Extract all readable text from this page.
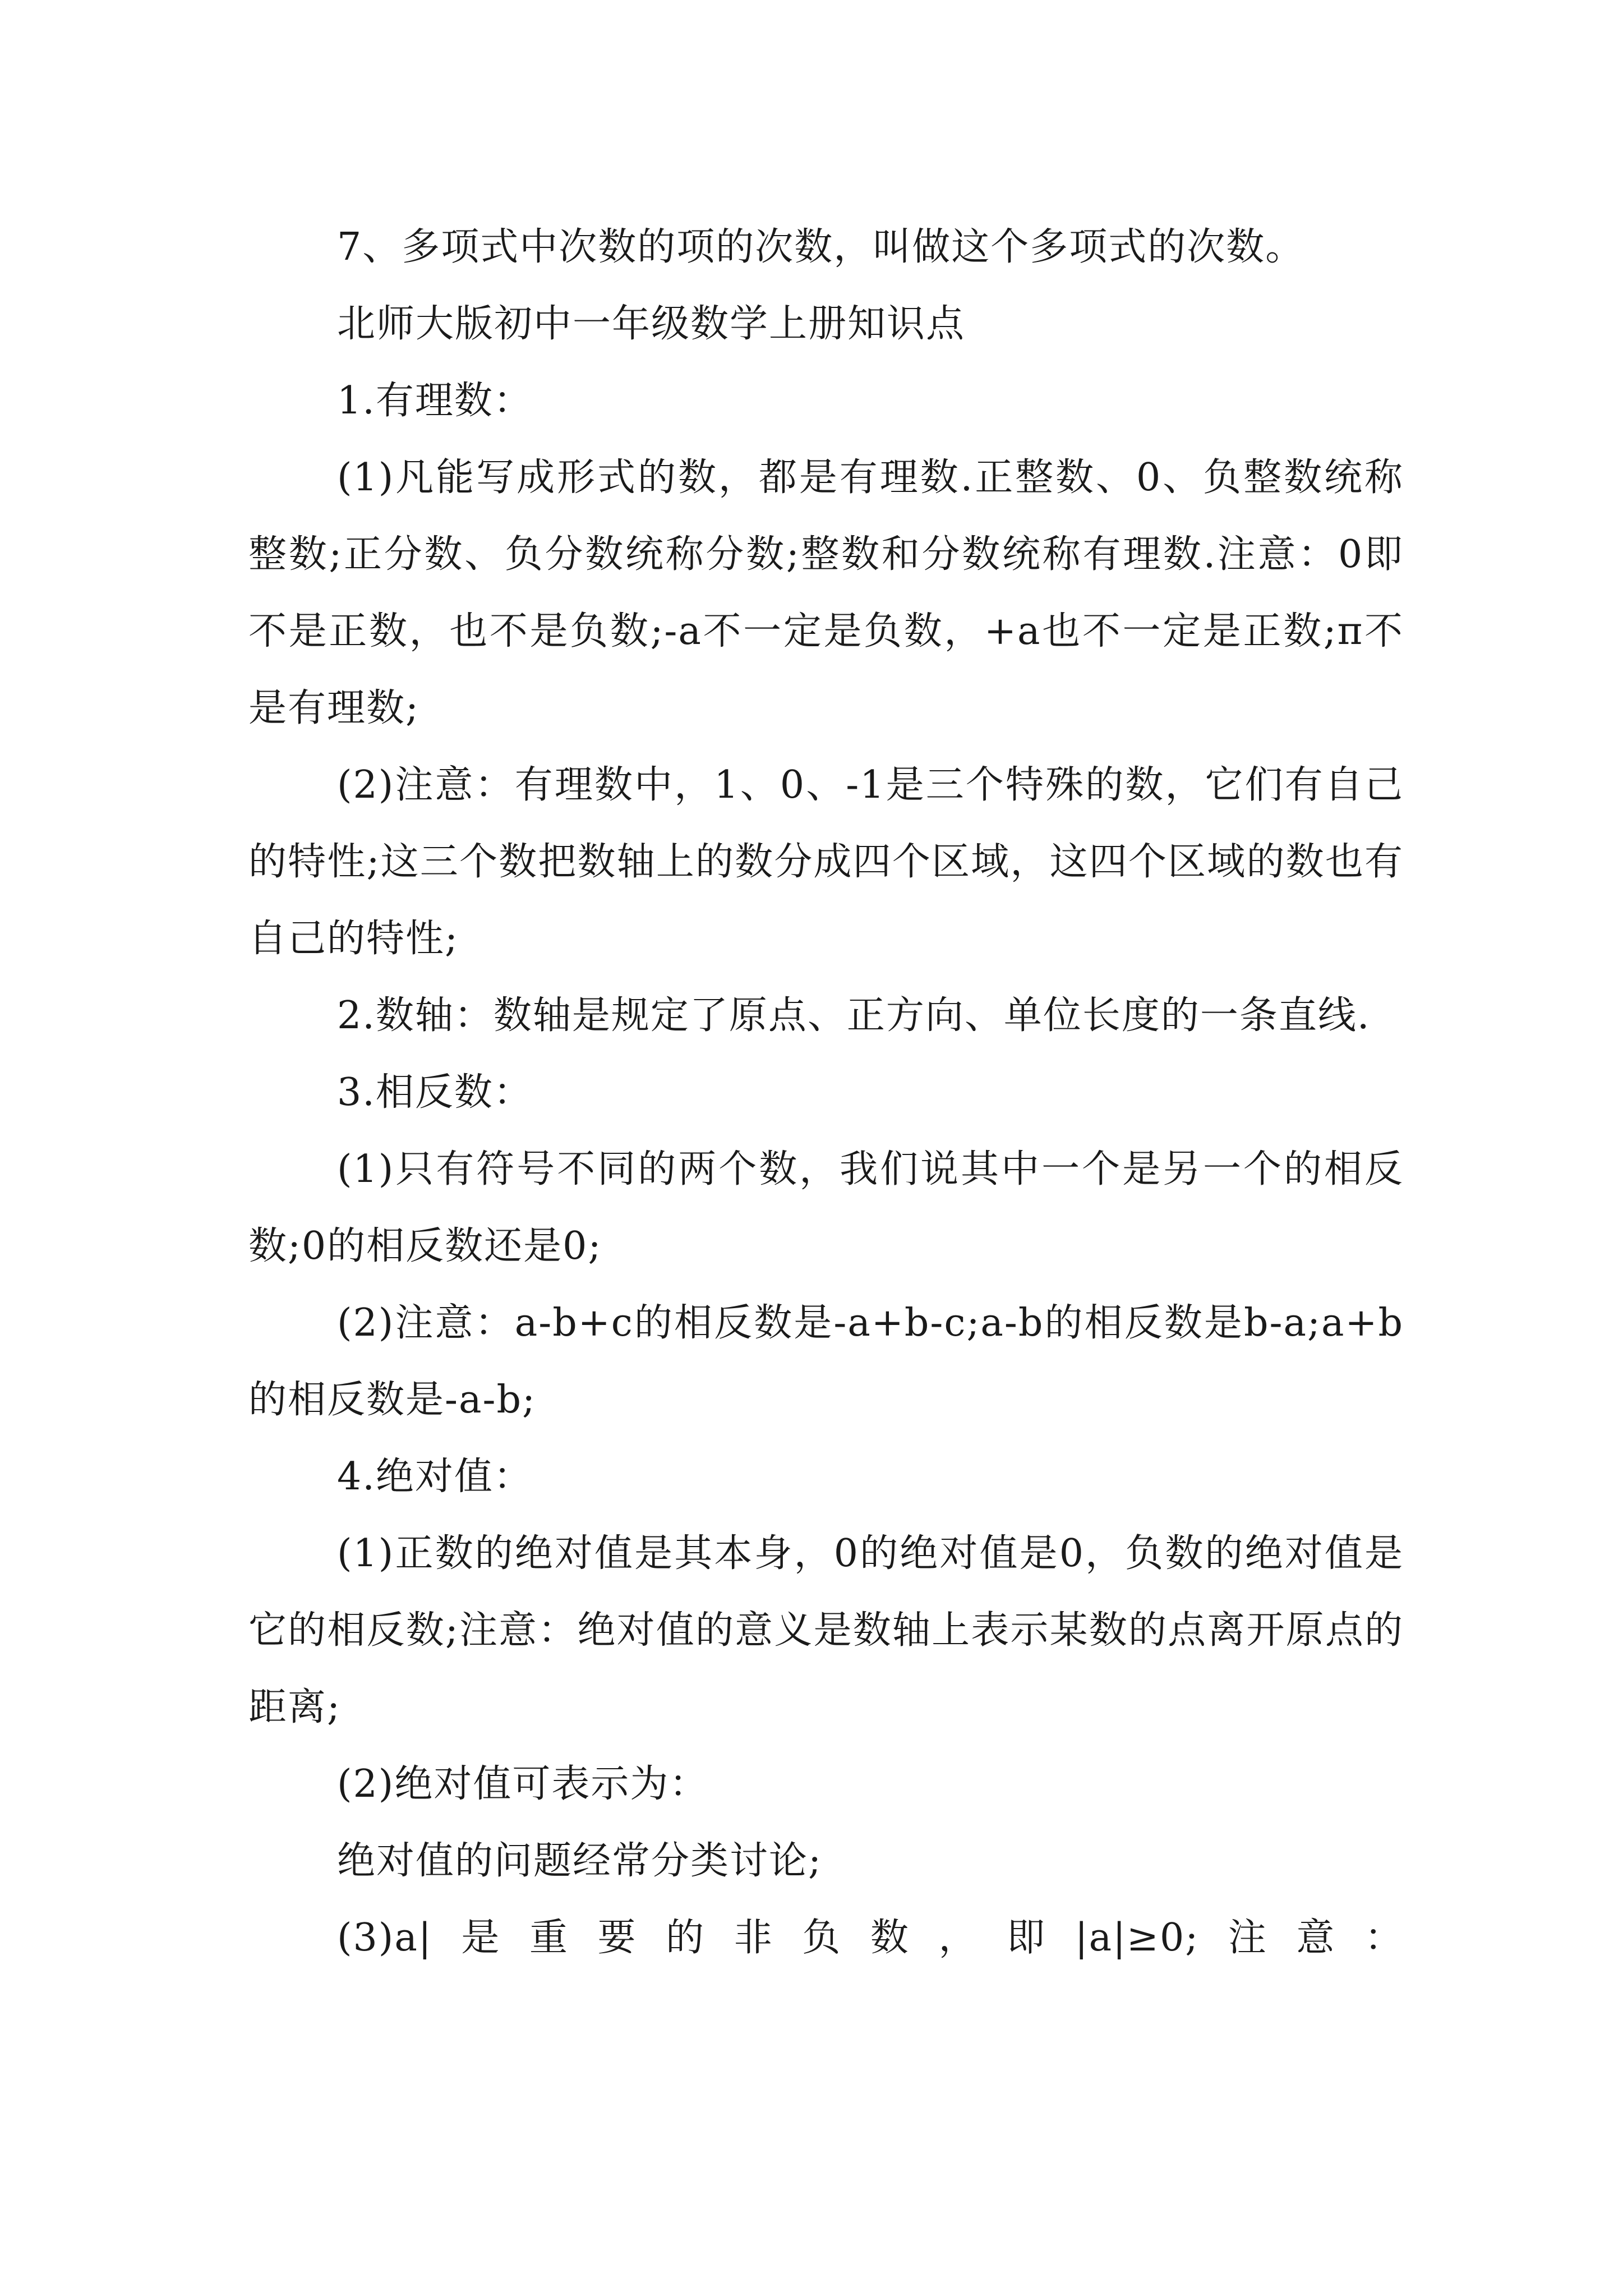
7、多项式中次数的项的次数，叫做这个多项式的次数。

北师大版初中一年级数学上册知识点

1.有理数：

(1)凡能写成形式的数，都是有理数.正整数、0、负整数统称整数;正分数、负分数统称分数;整数和分数统称有理数.注意：0即不是正数，也不是负数;-a不一定是负数，+a也不一定是正数;π不是有理数;

(2)注意：有理数中，1、0、-1是三个特殊的数，它们有自己的特性;这三个数把数轴上的数分成四个区域，这四个区域的数也有自己的特性;

2.数轴：数轴是规定了原点、正方向、单位长度的一条直线.

3.相反数：

(1)只有符号不同的两个数，我们说其中一个是另一个的相反数;0的相反数还是0;

(2)注意：a-b+c的相反数是-a+b-c;a-b的相反数是b-a;a+b的相反数是-a-b;

4.绝对值：

(1)正数的绝对值是其本身，0的绝对值是0，负数的绝对值是它的相反数;注意：绝对值的意义是数轴上表示某数的点离开原点的距离;

(2)绝对值可表示为：

绝对值的问题经常分类讨论;

(3)a|是重要的非负数，即|a|≥0;注意：
